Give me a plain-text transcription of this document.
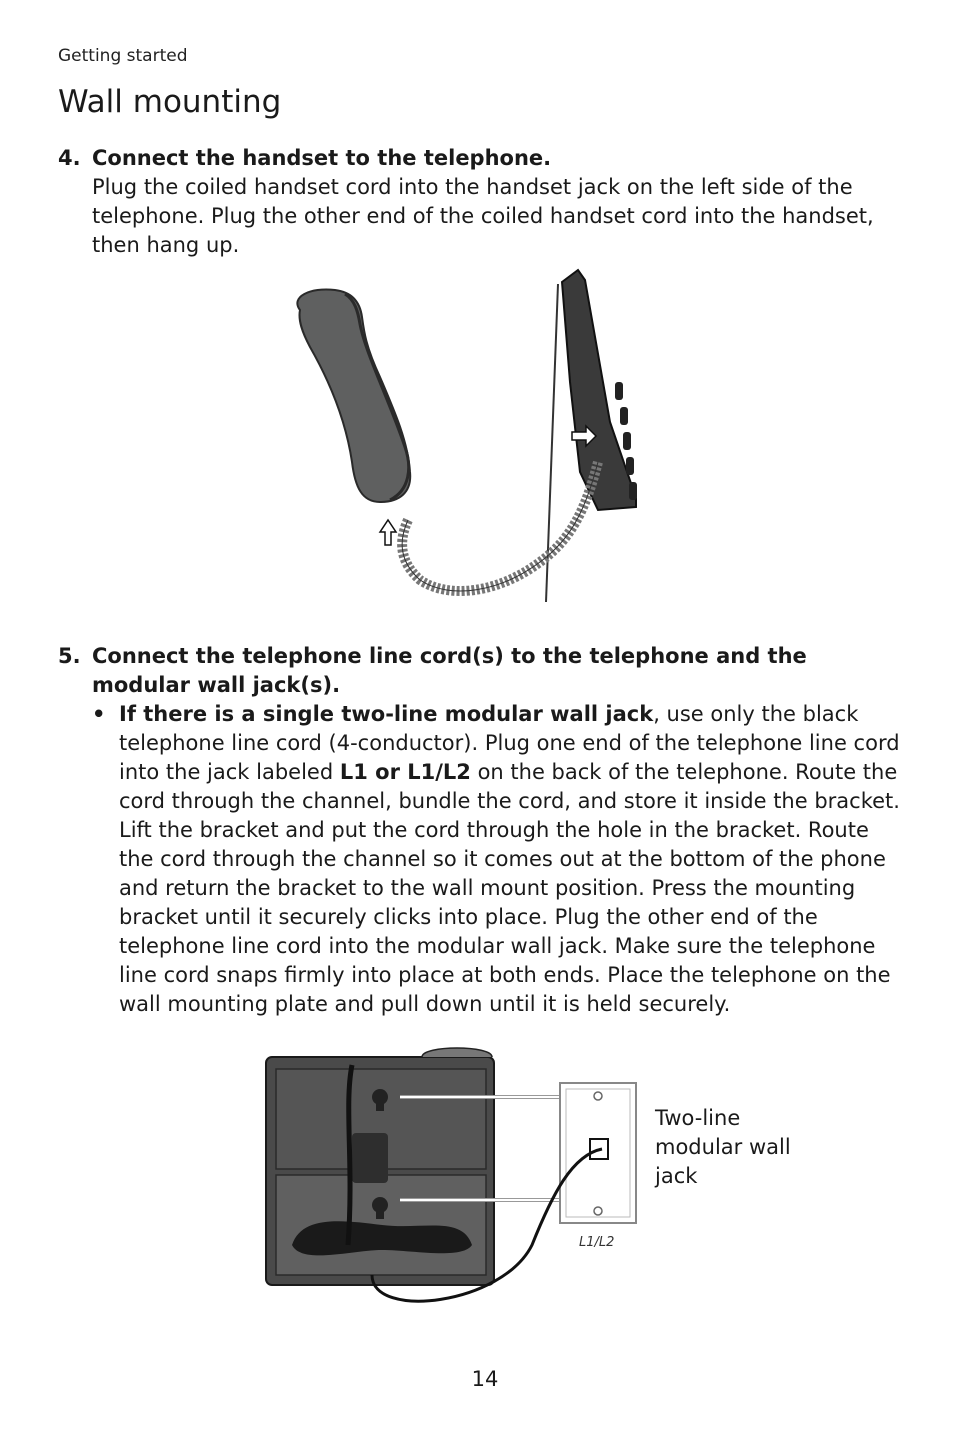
Getting started
Wall mounting
4. Connect the handset to the telephone.
Plug the coiled handset cord into the handset jack on the left side of the telephone. Plug the other end of the coiled handset cord into the handset, then hang up.
5. Connect the telephone line cord(s) to the telephone and the modular wall jack(s).
• If there is a single two-line modular wall jack, use only the black telephone line cord (4-conductor). Plug one end of the telephone line cord into the jack labeled L1 or L1/L2 on the back of the telephone. Route the cord through the channel, bundle the cord, and store it inside the bracket. Lift the bracket and put the cord through the hole in the bracket. Route the cord through the channel so it comes out at the bottom of the phone and return the bracket to the wall mount position. Press the mounting bracket until it securely clicks into place. Plug the other end of the telephone line cord into the modular wall jack. Make sure the telephone line cord snaps firmly into place at both ends. Place the telephone on the wall mounting plate and pull down until it is held securely.
Two-line modular wall jack
L1/L2
14
